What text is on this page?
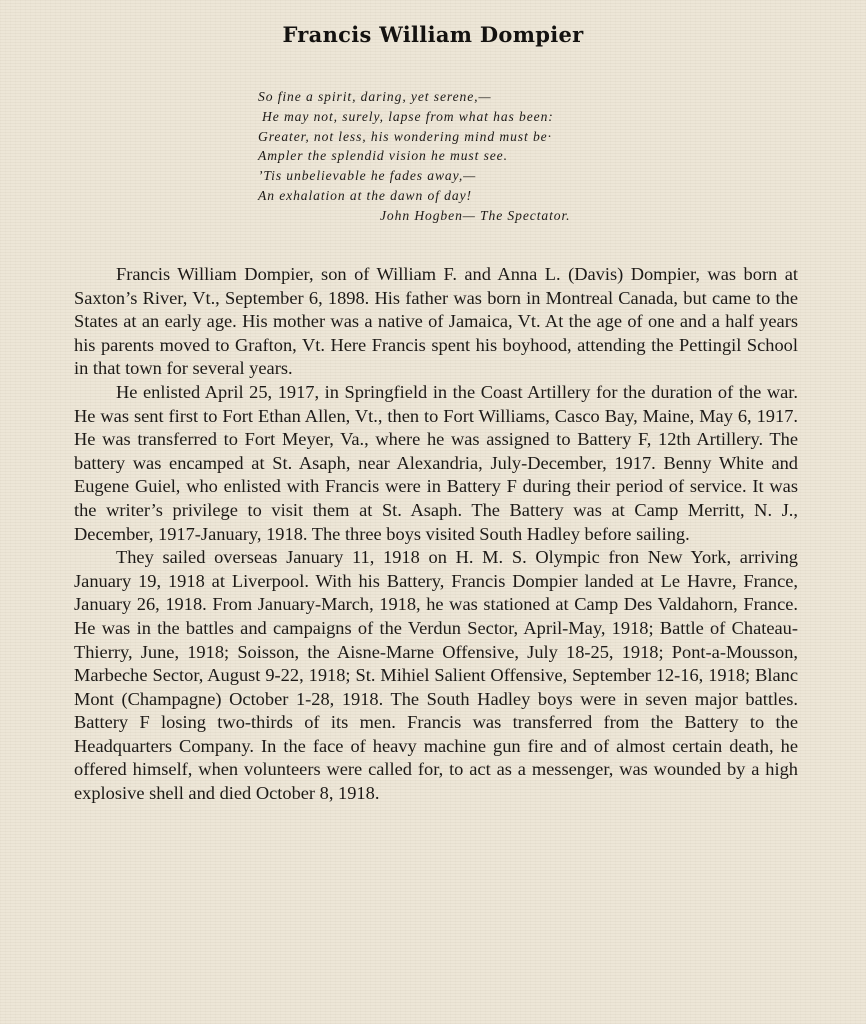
Francis William Dompier
So fine a spirit, daring, yet serene,—
He may not, surely, lapse from what has been:
Greater, not less, his wondering mind must be·
Ampler the splendid vision he must see.
’Tis unbelievable he fades away,—
An exhalation at the dawn of day!
John Hogben— The Spectator.

Francis William Dompier, son of William F. and Anna L. (Davis) Dompier, was born at Saxton’s River, Vt., September 6, 1898. His father was born in Montreal Canada, but came to the States at an early age. His mother was a native of Jamaica, Vt. At the age of one and a half years his parents moved to Grafton, Vt. Here Francis spent his boyhood, attending the Pettingil School in that town for several years.

He enlisted April 25, 1917, in Springfield in the Coast Artillery for the duration of the war. He was sent first to Fort Ethan Allen, Vt., then to Fort Williams, Casco Bay, Maine, May 6, 1917. He was transferred to Fort Meyer, Va., where he was assigned to Battery F, 12th Artillery. The battery was encamped at St. Asaph, near Alexandria, July-December, 1917. Benny White and Eugene Guiel, who enlisted with Francis were in Battery F during their period of service. It was the writer’s privilege to visit them at St. Asaph. The Battery was at Camp Merritt, N. J., December, 1917-January, 1918. The three boys visited South Hadley before sailing.

They sailed overseas January 11, 1918 on H. M. S. Olympic fron New York, arriving January 19, 1918 at Liverpool. With his Battery, Francis Dompier landed at Le Havre, France, January 26, 1918. From January-March, 1918, he was stationed at Camp Des Valdahorn, France. He was in the battles and campaigns of the Verdun Sector, April-May, 1918; Battle of Chateau-Thierry, June, 1918; Soisson, the Aisne-Marne Offensive, July 18-25, 1918; Pont-a-Mousson, Marbeche Sector, August 9-22, 1918; St. Mihiel Salient Offensive, September 12-16, 1918; Blanc Mont (Champagne) October 1-28, 1918. The South Hadley boys were in seven major battles. Battery F losing two-thirds of its men. Francis was transferred from the Battery to the Headquarters Company. In the face of heavy machine gun fire and of almost certain death, he offered himself, when volunteers were called for, to act as a messenger, was wounded by a high explosive shell and died October 8, 1918.
